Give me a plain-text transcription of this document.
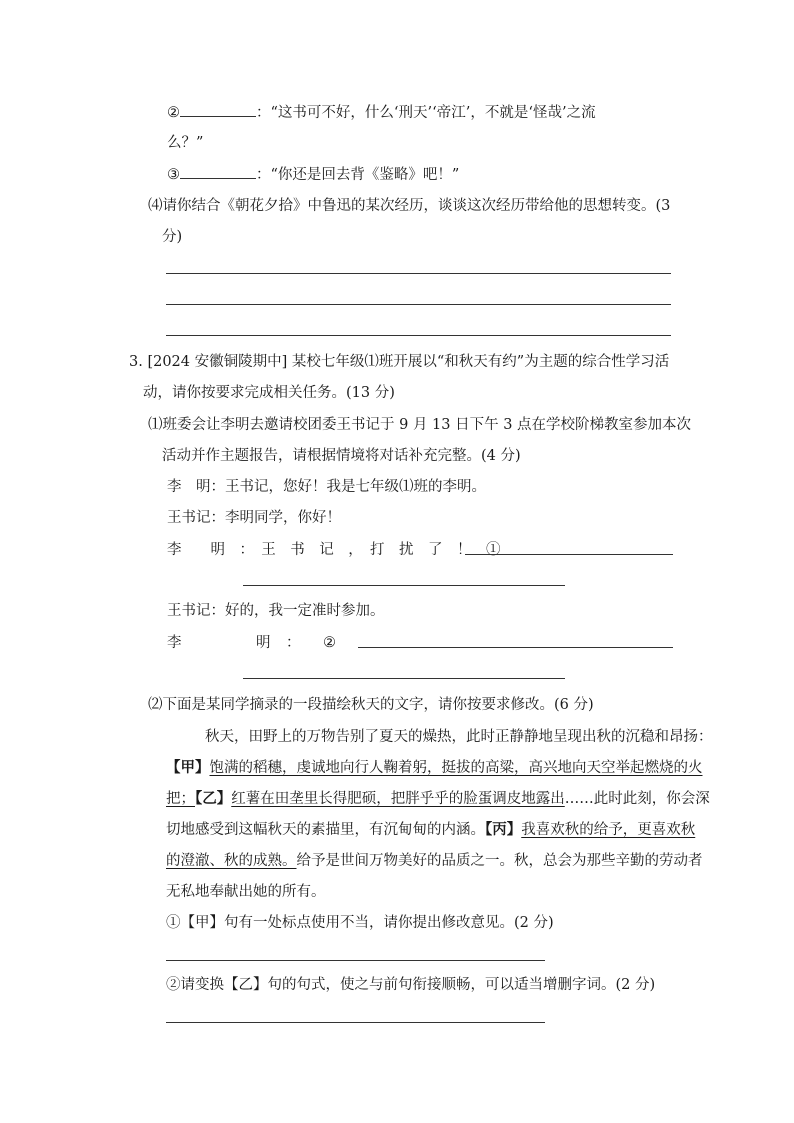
②	：“这书可不好，什么‘刑天’‘帝江’，不就是‘怪哉’之流
么？”
③	：“你还是回去背《鉴略》吧！”
⑷请你结合《朝花夕拾》中鲁迅的某次经历，谈谈这次经历带给他的思想转变。(3
分)
3. [2024 安徽铜陵期中] 某校七年级⑴班开展以“和秋天有约”为主题的综合性学习活
动，请你按要求完成相关任务。(13 分)
⑴班委会让李明去邀请校团委王书记于 9 月 13 日下午 3 点在学校阶梯教室参加本次
活动并作主题报告，请根据情境将对话补充完整。(4 分)
李　明：王书记，您好！我是七年级⑴班的李明。
王书记：李明同学，你好！
李　　明　：　王　书　记　，　打　扰　了　！　①
王书记：好的，我一定准时参加。
李	明 ： ②
⑵下面是某同学摘录的一段描绘秋天的文字，请你按要求修改。(6 分)
秋天，田野上的万物告别了夏天的燥热，此时正静静地呈现出秋的沉稳和昂扬：
【甲】饱满的稻穗，虔诚地向行人鞠着躬，挺拔的高粱，高兴地向天空举起燃烧的火
把；【乙】红薯在田垄里长得肥硕，把胖乎乎的脸蛋调皮地露出……此时此刻，你会深
切地感受到这幅秋天的素描里，有沉甸甸的内涵。【丙】我喜欢秋的给予，更喜欢秋
的澄澈、秋的成熟。给予是世间万物美好的品质之一。秋，总会为那些辛勤的劳动者
无私地奉献出她的所有。
①【甲】句有一处标点使用不当，请你提出修改意见。(2 分)
②请变换【乙】句的句式，使之与前句衔接顺畅，可以适当增删字词。(2 分)
